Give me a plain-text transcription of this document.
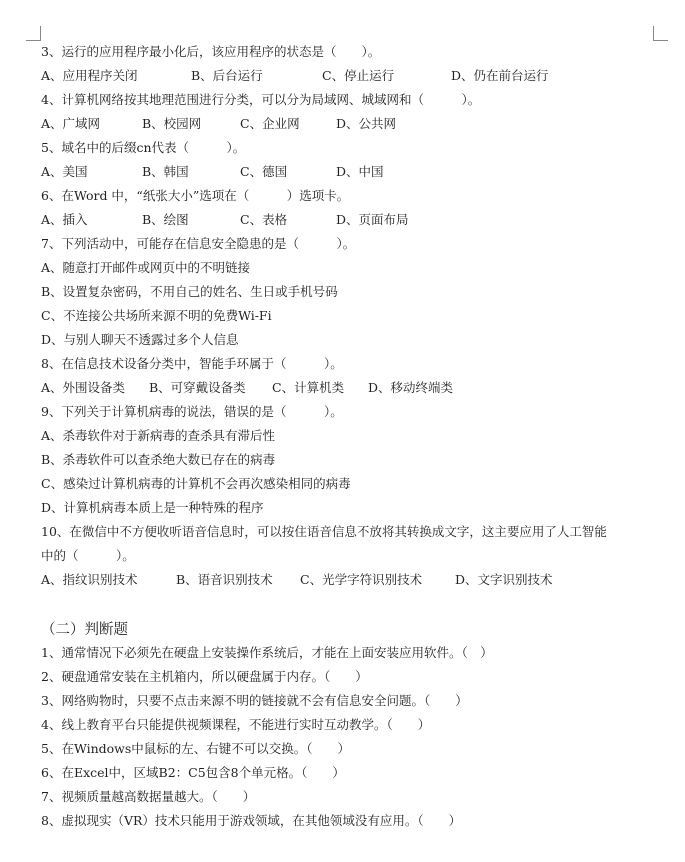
3、运行的应用程序最小化后，该应用程序的状态是（　　）。
A、应用程序关闭	B、后台运行	C、停止运行	D、仍在前台运行
4、计算机网络按其地理范围进行分类，可以分为局域网、城域网和（　　　）。
A、广域网	B、校园网	C、企业网	D、公共网
5、域名中的后缀cn代表（　　　）。
A、美国	B、韩国	C、德国	D、中国
6、在Word 中，“纸张大小”选项在（　　　）选项卡。
A、插入	B、绘图	C、表格	D、页面布局
7、下列活动中，可能存在信息安全隐患的是（　　　）。
A、随意打开邮件或网页中的不明链接
B、设置复杂密码，不用自己的姓名、生日或手机号码
C、不连接公共场所来源不明的免费Wi-Fi
D、与别人聊天不透露过多个人信息
8、在信息技术设备分类中，智能手环属于（　　　）。
A、外围设备类 B、可穿戴设备类 C、计算机类 D、移动终端类
9、下列关于计算机病毒的说法，错误的是（　　　）。
A、杀毒软件对于新病毒的查杀具有滞后性
B、杀毒软件可以查杀绝大数已存在的病毒
C、感染过计算机病毒的计算机不会再次感染相同的病毒
D、计算机病毒本质上是一种特殊的程序
10、在微信中不方便收听语音信息时，可以按住语音信息不放将其转换成文字，这主要应用了人工智能
中的（　　　）。
A、指纹识别技术	B、语音识别技术 C、光学字符识别技术	D、文字识别技术
（二）判断题
1、通常情况下必须先在硬盘上安装操作系统后，才能在上面安装应用软件。（　）
2、硬盘通常安装在主机箱内，所以硬盘属于内存。（　　）
3、网络购物时，只要不点击来源不明的链接就不会有信息安全问题。（　　）
4、线上教育平台只能提供视频课程，不能进行实时互动教学。（　　）
5、在Windows中鼠标的左、右键不可以交换。（　　）
6、在Excel中，区域B2：C5包含8个单元格。（　　）
7、视频质量越高数据量越大。（　　）
8、虚拟现实（VR）技术只能用于游戏领域，在其他领域没有应用。（　　）
